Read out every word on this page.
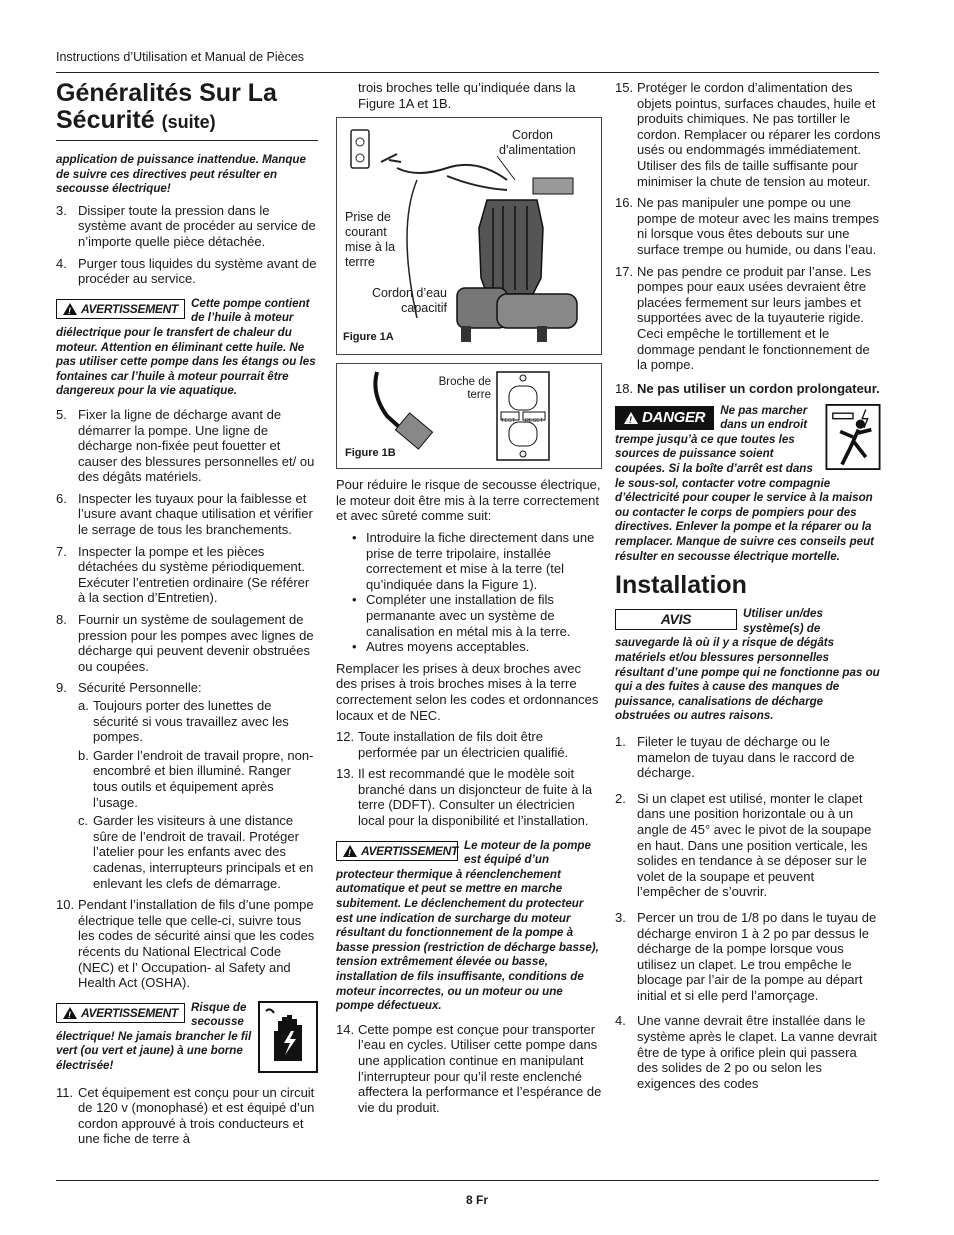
Instructions d’Utilisation et Manual de Pièces
Généralités Sur La Sécurité (suite)

application de puissance inattendue. Manque de suivre ces directives peut résulter en secousse électrique!

3. Dissiper toute la pression dans le système avant de procéder au service de n’importe quelle pièce détachée.
4. Purger tous liquides du système avant de procéder au service.
!
AVERTISSEMENT Cette pompe contient de l’huile à moteur diélectrique pour le transfert de chaleur du moteur. Attention en éliminant cette huile. Ne pas utiliser cette pompe dans les étangs ou les fontaines car l’huile à moteur pourrait être dangereux pour la vie aquatique.
5. Fixer la ligne de décharge avant de démarrer la pompe. Une ligne de décharge non-fixée peut fouetter et causer des blessures personnelles et/ ou des dégâts matériels.
6. Inspecter les tuyaux pour la faiblesse et l’usure avant chaque utilisation et vérifier le serrage de tous les branchements.
7. Inspecter la pompe et les pièces détachées du système périodiquement. Exécuter l’entretien ordinaire (Se référer à la section d’Entretien).
8. Fournir un système de soulagement de pression pour les pompes avec lignes de décharge qui peuvent devenir obstruées ou coupées.
9. Sécurité Personnelle:
a. Toujours porter des lunettes de sécurité si vous travaillez avec les pompes.
b. Garder l’endroit de travail propre, non-encombré et bien illuminé. Ranger tous outils et équipement après l’usage.
c. Garder les visiteurs à une distance sûre de l’endroit de travail. Protéger l’atelier pour les enfants avec des cadenas, interrupteurs principals et en enlevant les clefs de démarrage.
10. Pendant l’installation de fils d’une pompe électrique telle que celle-ci, suivre tous les codes de sécurité ainsi que les codes récents du National Electrical Code (NEC) et l’ Occupation- al Safety and Health Act (OSHA).
!
AVERTISSEMENT Risque de secousse électrique! Ne jamais brancher le fil vert (ou vert et jaune) à une borne électrisée!
11. Cet équipement est conçu pour un circuit de 120 v (monophasé) et est équipé d’un cordon approuvé à trois conducteurs et une fiche de terre à

trois broches telle qu’indiquée dans la Figure 1A et 1B.

Cordon d'alimentation
Prise de courant mise à la terrre
Cordon d’eau capacitif
Figure 1A
Broche de terre
TEST RESET
Figure 1B

Pour réduire le risque de secousse électrique, le moteur doit être mis à la terre correctement et avec sûreté comme suit:

• Introduire la fiche directement dans une prise de terre tripolaire, installée correctement et mise à la terre (tel qu’indiquée dans la Figure 1).
• Compléter une installation de fils permanante avec un système de canalisation en métal mis à la terre.
• Autres moyens acceptables.

Remplacer les prises à deux broches avec des prises à trois broches mises à la terre correctement selon les codes et ordonnances locaux et de NEC.

12. Toute installation de fils doit être performée par un électricien qualifié.
13. Il est recommandé que le modèle soit branché dans un disjoncteur de fuite à la terre (DDFT). Consulter un électricien local pour la disponibilité et l’installation.
!
AVERTISSEMENT Le moteur de la pompe est équipé d’un protecteur thermique à réenclenchement automatique et peut se mettre en marche subitement. Le déclenchement du protecteur est une indication de surcharge du moteur résultant du fonctionnement de la pompe à basse pression (restriction de décharge basse), tension extrêmement élevée ou basse, installation de fils insuffisante, conditions de moteur incorrectes, ou un moteur ou une pompe défectueux.
14. Cette pompe est conçue pour transporter l’eau en cycles. Utiliser cette pompe dans une application continue en manipulant l’interrupteur pour qu’il reste enclenché affectera la performance et l’espérance de vie du produit.
15. Protéger le cordon d’alimentation des objets pointus, surfaces chaudes, huile et produits chimiques. Ne pas tortiller le cordon. Remplacer ou réparer les cordons usés ou endommagés immédiatement. Utiliser des fils de taille suffisante pour minimiser la chute de tension au moteur.
16. Ne pas manipuler une pompe ou une pompe de moteur avec les mains trempes ni lorsque vous êtes debouts sur une surface trempe ou humide, ou dans l’eau.
17. Ne pas pendre ce produit par l’anse. Les pompes pour eaux usées devraient être placées fermement sur leurs jambes et supportées avec de la tuyauterie rigide. Ceci empêche le tortillement et le dommage pendant le fonctionnement de la pompe.
18. Ne pas utiliser un cordon prolongateur.
!
DANGER Ne pas marcher dans un endroit trempe jusqu’à ce que toutes les sources de puissance soient coupées. Si la boîte d’arrêt est dans le sous-sol, contacter votre compagnie d’électricité pour couper le service à la maison ou contacter le corps de pompiers pour des directives. Enlever la pompe et la réparer ou la remplacer. Manque de suivre ces conseils peut résulter en secousse électrique mortelle.
Installation
AVIS	Utiliser un/des système(s) de sauvegarde là où il y a risque de dégâts matériels et/ou blessures personnelles résultant d’une pompe qui ne fonctionne pas ou qui a des fuites à cause des manques de puissance, canalisations de décharge obstruées ou autres raisons.
1. Fileter le tuyau de décharge ou le mamelon de tuyau dans le raccord de décharge.
2. Si un clapet est utilisé, monter le clapet dans une position horizontale ou à un angle de 45° avec le pivot de la soupape en haut. Dans une position verticale, les solides en tendance à se déposer sur le volet de la soupape et peuvent l’empêcher de s’ouvrir.
3. Percer un trou de 1/8 po dans le tuyau de décharge environ 1 à 2 po par dessus le décharge de la pompe lorsque vous utilisez un clapet. Le trou empêche le blocage par l’air de la pompe au départ initial et si elle perd l’amorçage.
4. Une vanne devrait être installée dans le système après le clapet. La vanne devrait être de type à orifice plein qui passera des solides de 2 po ou selon les exigences des codes
8 Fr
